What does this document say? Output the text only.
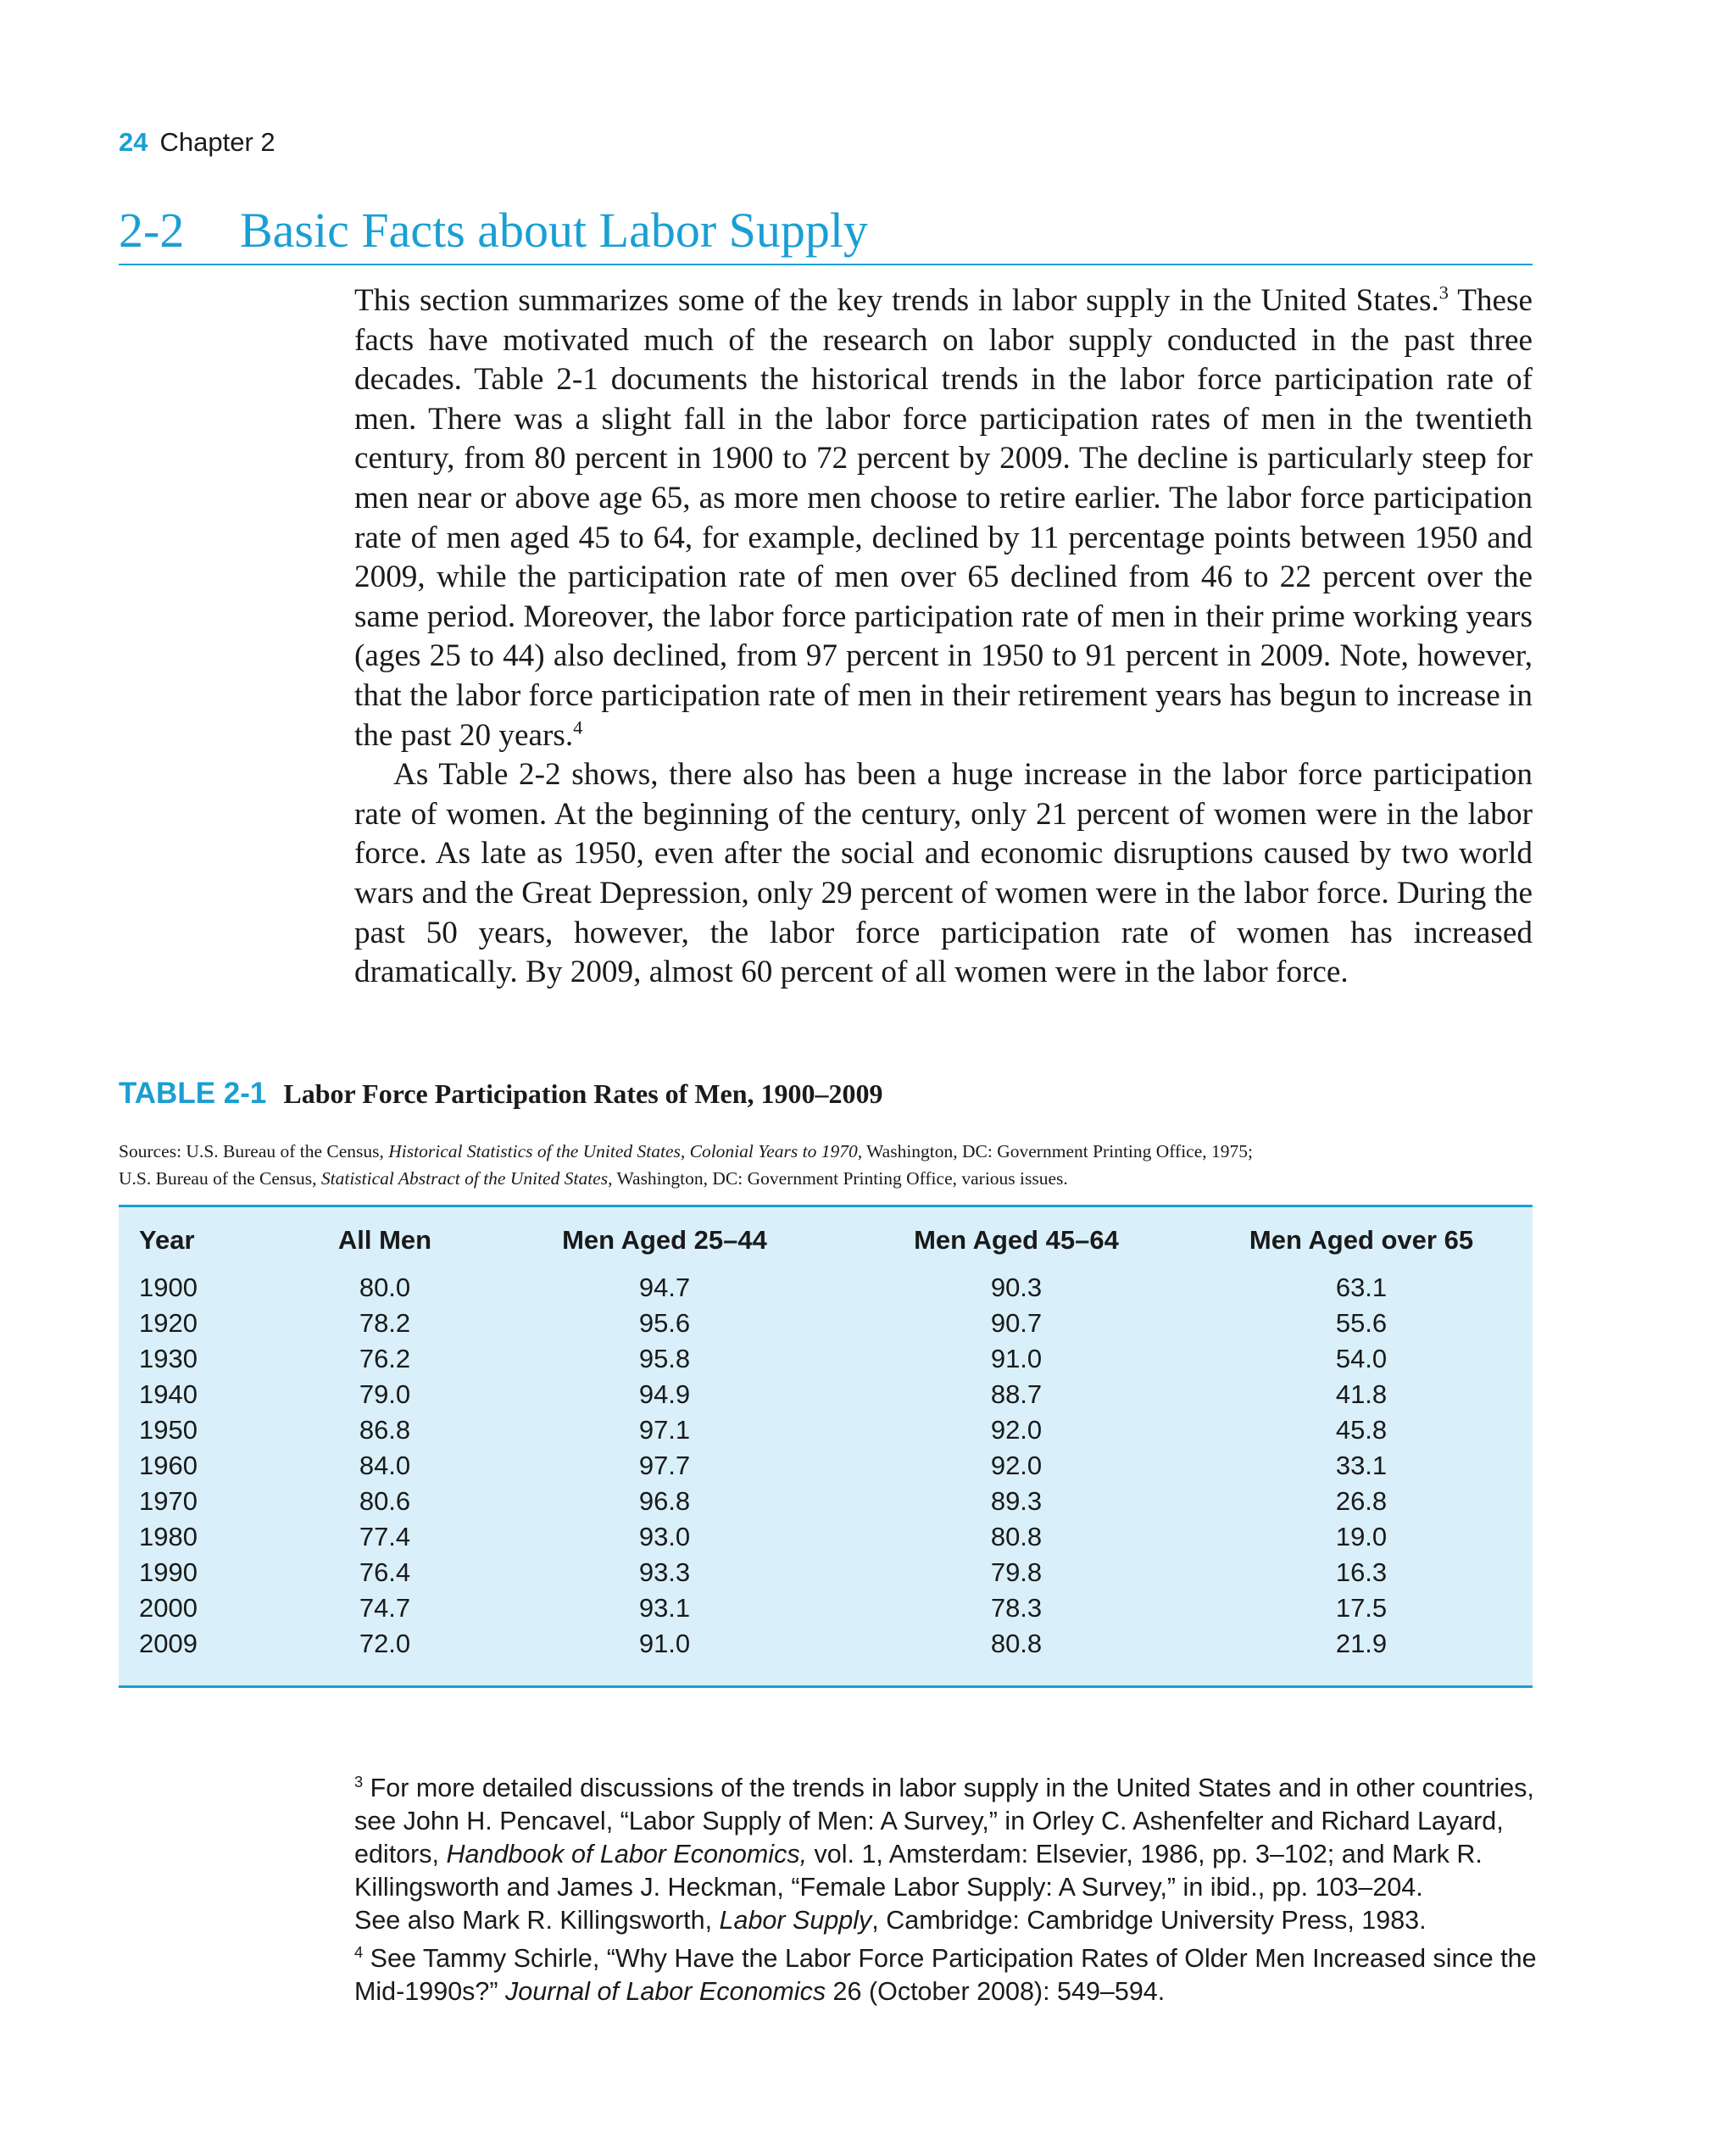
24 Chapter 2
2-2 Basic Facts about Labor Supply

This section summarizes some of the key trends in labor supply in the United States.$^3$ These facts have motivated much of the research on labor supply conducted in the past three decades. Table 2-1 documents the historical trends in the labor force participation rate of men. There was a slight fall in the labor force participation rates of men in the twentieth century, from 80 percent in 1900 to 72 percent by 2009. The decline is particularly steep for men near or above age 65, as more men choose to retire earlier. The labor force participation rate of men aged 45 to 64, for example, declined by 11 percentage points between 1950 and 2009, while the participation rate of men over 65 declined from 46 to 22 percent over the same period. Moreover, the labor force participation rate of men in their prime working years (ages 25 to 44) also declined, from 97 percent in 1950 to 91 percent in 2009. Note, however, that the labor force participation rate of men in their retirement years has begun to increase in the past 20 years.$^4$

As Table 2-2 shows, there also has been a huge increase in the labor force participation rate of women. At the beginning of the century, only 21 percent of women were in the labor force. As late as 1950, even after the social and economic disruptions caused by two world wars and the Great Depression, only 29 percent of women were in the labor force. During the past 50 years, however, the labor force participation rate of women has increased dramatically. By 2009, almost 60 percent of all women were in the labor force.

TABLE 2-1 Labor Force Participation Rates of Men, 1900–2009
Sources: U.S. Bureau of the Census, Historical Statistics of the United States, Colonial Years to 1970, Washington, DC: Government Printing Office, 1975;
U.S. Bureau of the Census, Statistical Abstract of the United States, Washington, DC: Government Printing Office, various issues.
Year	All Men	Men Aged 25–44	Men Aged 45–64	Men Aged over 65
1900	80.0	94.7	90.3	63.1
1920	78.2	95.6	90.7	55.6
1930	76.2	95.8	91.0	54.0
1940	79.0	94.9	88.7	41.8
1950	86.8	97.1	92.0	45.8
1960	84.0	97.7	92.0	33.1
1970	80.6	96.8	89.3	26.8
1980	77.4	93.0	80.8	19.0
1990	76.4	93.3	79.8	16.3
2000	74.7	93.1	78.3	17.5
2009	72.0	91.0	80.8	21.9

$^3$ For more detailed discussions of the trends in labor supply in the United States and in other countries, see John H. Pencavel, “Labor Supply of Men: A Survey,” in Orley C. Ashenfelter and Richard Layard, editors, Handbook of Labor Economics, vol. 1, Amsterdam: Elsevier, 1986, pp. 3–102; and Mark R. Killingsworth and James J. Heckman, “Female Labor Supply: A Survey,” in ibid., pp. 103–204.
See also Mark R. Killingsworth, Labor Supply, Cambridge: Cambridge University Press, 1983.

$^4$ See Tammy Schirle, “Why Have the Labor Force Participation Rates of Older Men Increased since the Mid-1990s?” Journal of Labor Economics 26 (October 2008): 549–594.
